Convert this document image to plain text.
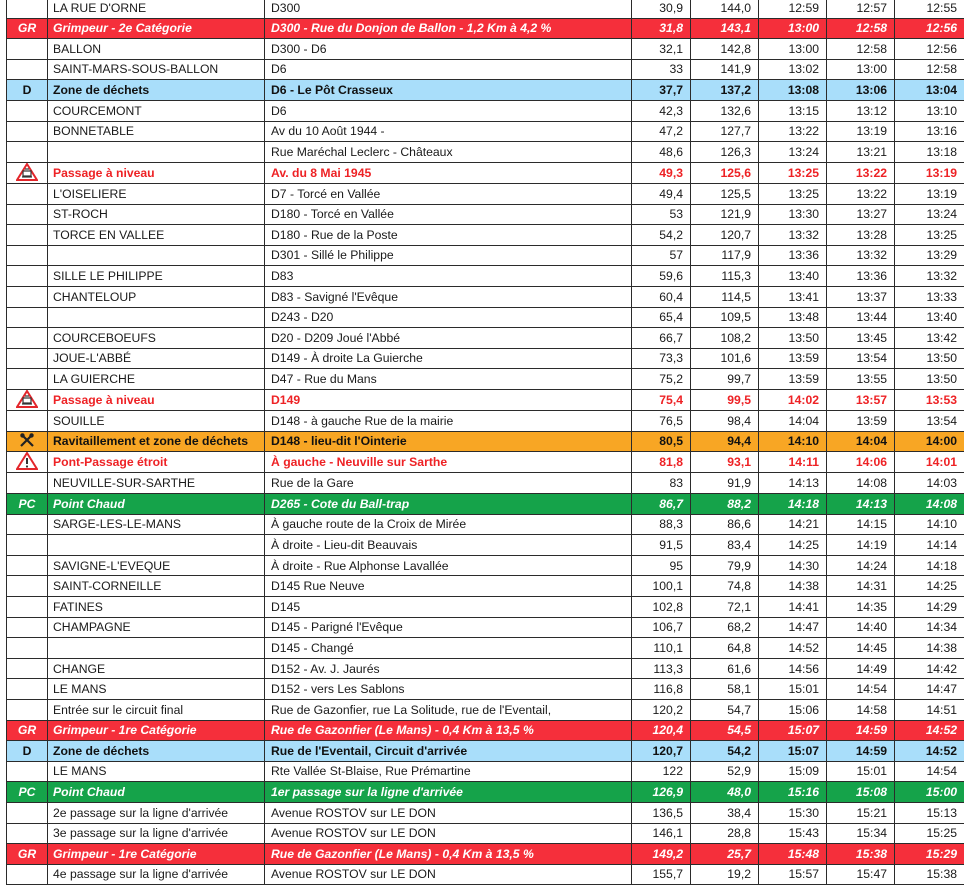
	LA RUE D'ORNE	D300	30,9	144,0	12:59	12:57	12:55
GR	Grimpeur - 2e Catégorie	D300 - Rue du Donjon de Ballon - 1,2 Km à 4,2 %	31,8	143,1	13:00	12:58	12:56
	BALLON	D300 - D6	32,1	142,8	13:00	12:58	12:56
	SAINT-MARS-SOUS-BALLON	D6	33	141,9	13:02	13:00	12:58
D	Zone de déchets	D6 - Le Pôt Crasseux	37,7	137,2	13:08	13:06	13:04
	COURCEMONT	D6	42,3	132,6	13:15	13:12	13:10
	BONNETABLE	Av du 10 Août 1944 -	47,2	127,7	13:22	13:19	13:16
		Rue Maréchal Leclerc - Châteaux	48,6	126,3	13:24	13:21	13:18
	Passage à niveau	Av. du 8 Mai 1945	49,3	125,6	13:25	13:22	13:19
	L'OISELIERE	D7 - Torcé en Vallée	49,4	125,5	13:25	13:22	13:19
	ST-ROCH	D180 - Torcé en Vallée	53	121,9	13:30	13:27	13:24
	TORCE EN VALLEE	D180 - Rue de la Poste	54,2	120,7	13:32	13:28	13:25
		D301 - Sillé le Philippe	57	117,9	13:36	13:32	13:29
	SILLE LE PHILIPPE	D83	59,6	115,3	13:40	13:36	13:32
	CHANTELOUP	D83 - Savigné l'Evêque	60,4	114,5	13:41	13:37	13:33
		D243 - D20	65,4	109,5	13:48	13:44	13:40
	COURCEBOEUFS	D20 - D209 Joué l'Abbé	66,7	108,2	13:50	13:45	13:42
	JOUE-L'ABBÉ	D149 - À droite La Guierche	73,3	101,6	13:59	13:54	13:50
	LA GUIERCHE	D47 - Rue du Mans	75,2	99,7	13:59	13:55	13:50
	Passage à niveau	D149	75,4	99,5	14:02	13:57	13:53
	SOUILLE	D148 - à gauche Rue de la mairie	76,5	98,4	14:04	13:59	13:54
	Ravitaillement et zone de déchets	D148 - lieu-dit l'Ointerie	80,5	94,4	14:10	14:04	14:00
	Pont-Passage étroit	À gauche - Neuville sur Sarthe	81,8	93,1	14:11	14:06	14:01
	NEUVILLE-SUR-SARTHE	Rue de la Gare	83	91,9	14:13	14:08	14:03
PC	Point Chaud	D265 - Cote du Ball-trap	86,7	88,2	14:18	14:13	14:08
	SARGE-LES-LE-MANS	À gauche route de la Croix de Mirée	88,3	86,6	14:21	14:15	14:10
		À droite - Lieu-dit Beauvais	91,5	83,4	14:25	14:19	14:14
	SAVIGNE-L'EVEQUE	À droite - Rue Alphonse Lavallée	95	79,9	14:30	14:24	14:18
	SAINT-CORNEILLE	D145 Rue Neuve	100,1	74,8	14:38	14:31	14:25
	FATINES	D145	102,8	72,1	14:41	14:35	14:29
	CHAMPAGNE	D145 - Parigné l'Evêque	106,7	68,2	14:47	14:40	14:34
		D145 - Changé	110,1	64,8	14:52	14:45	14:38
	CHANGE	D152 - Av. J. Jaurés	113,3	61,6	14:56	14:49	14:42
	LE MANS	D152 - vers Les Sablons	116,8	58,1	15:01	14:54	14:47
	Entrée sur le circuit final	Rue de Gazonfier, rue La Solitude, rue de l'Eventail,	120,2	54,7	15:06	14:58	14:51
GR	Grimpeur - 1re Catégorie	Rue de Gazonfier (Le Mans) - 0,4 Km à 13,5 %	120,4	54,5	15:07	14:59	14:52
D	Zone de déchets	Rue de l'Eventail, Circuit d'arrivée	120,7	54,2	15:07	14:59	14:52
	LE MANS	Rte Vallée St-Blaise, Rue Prémartine	122	52,9	15:09	15:01	14:54
PC	Point Chaud	1er passage sur la ligne d'arrivée	126,9	48,0	15:16	15:08	15:00
	2e passage sur la ligne d'arrivée	Avenue ROSTOV sur LE DON	136,5	38,4	15:30	15:21	15:13
	3e passage sur la ligne d'arrivée	Avenue ROSTOV sur LE DON	146,1	28,8	15:43	15:34	15:25
GR	Grimpeur - 1re Catégorie	Rue de Gazonfier (Le Mans) - 0,4 Km à 13,5 %	149,2	25,7	15:48	15:38	15:29
	4e passage sur la ligne d'arrivée	Avenue ROSTOV sur LE DON	155,7	19,2	15:57	15:47	15:38
